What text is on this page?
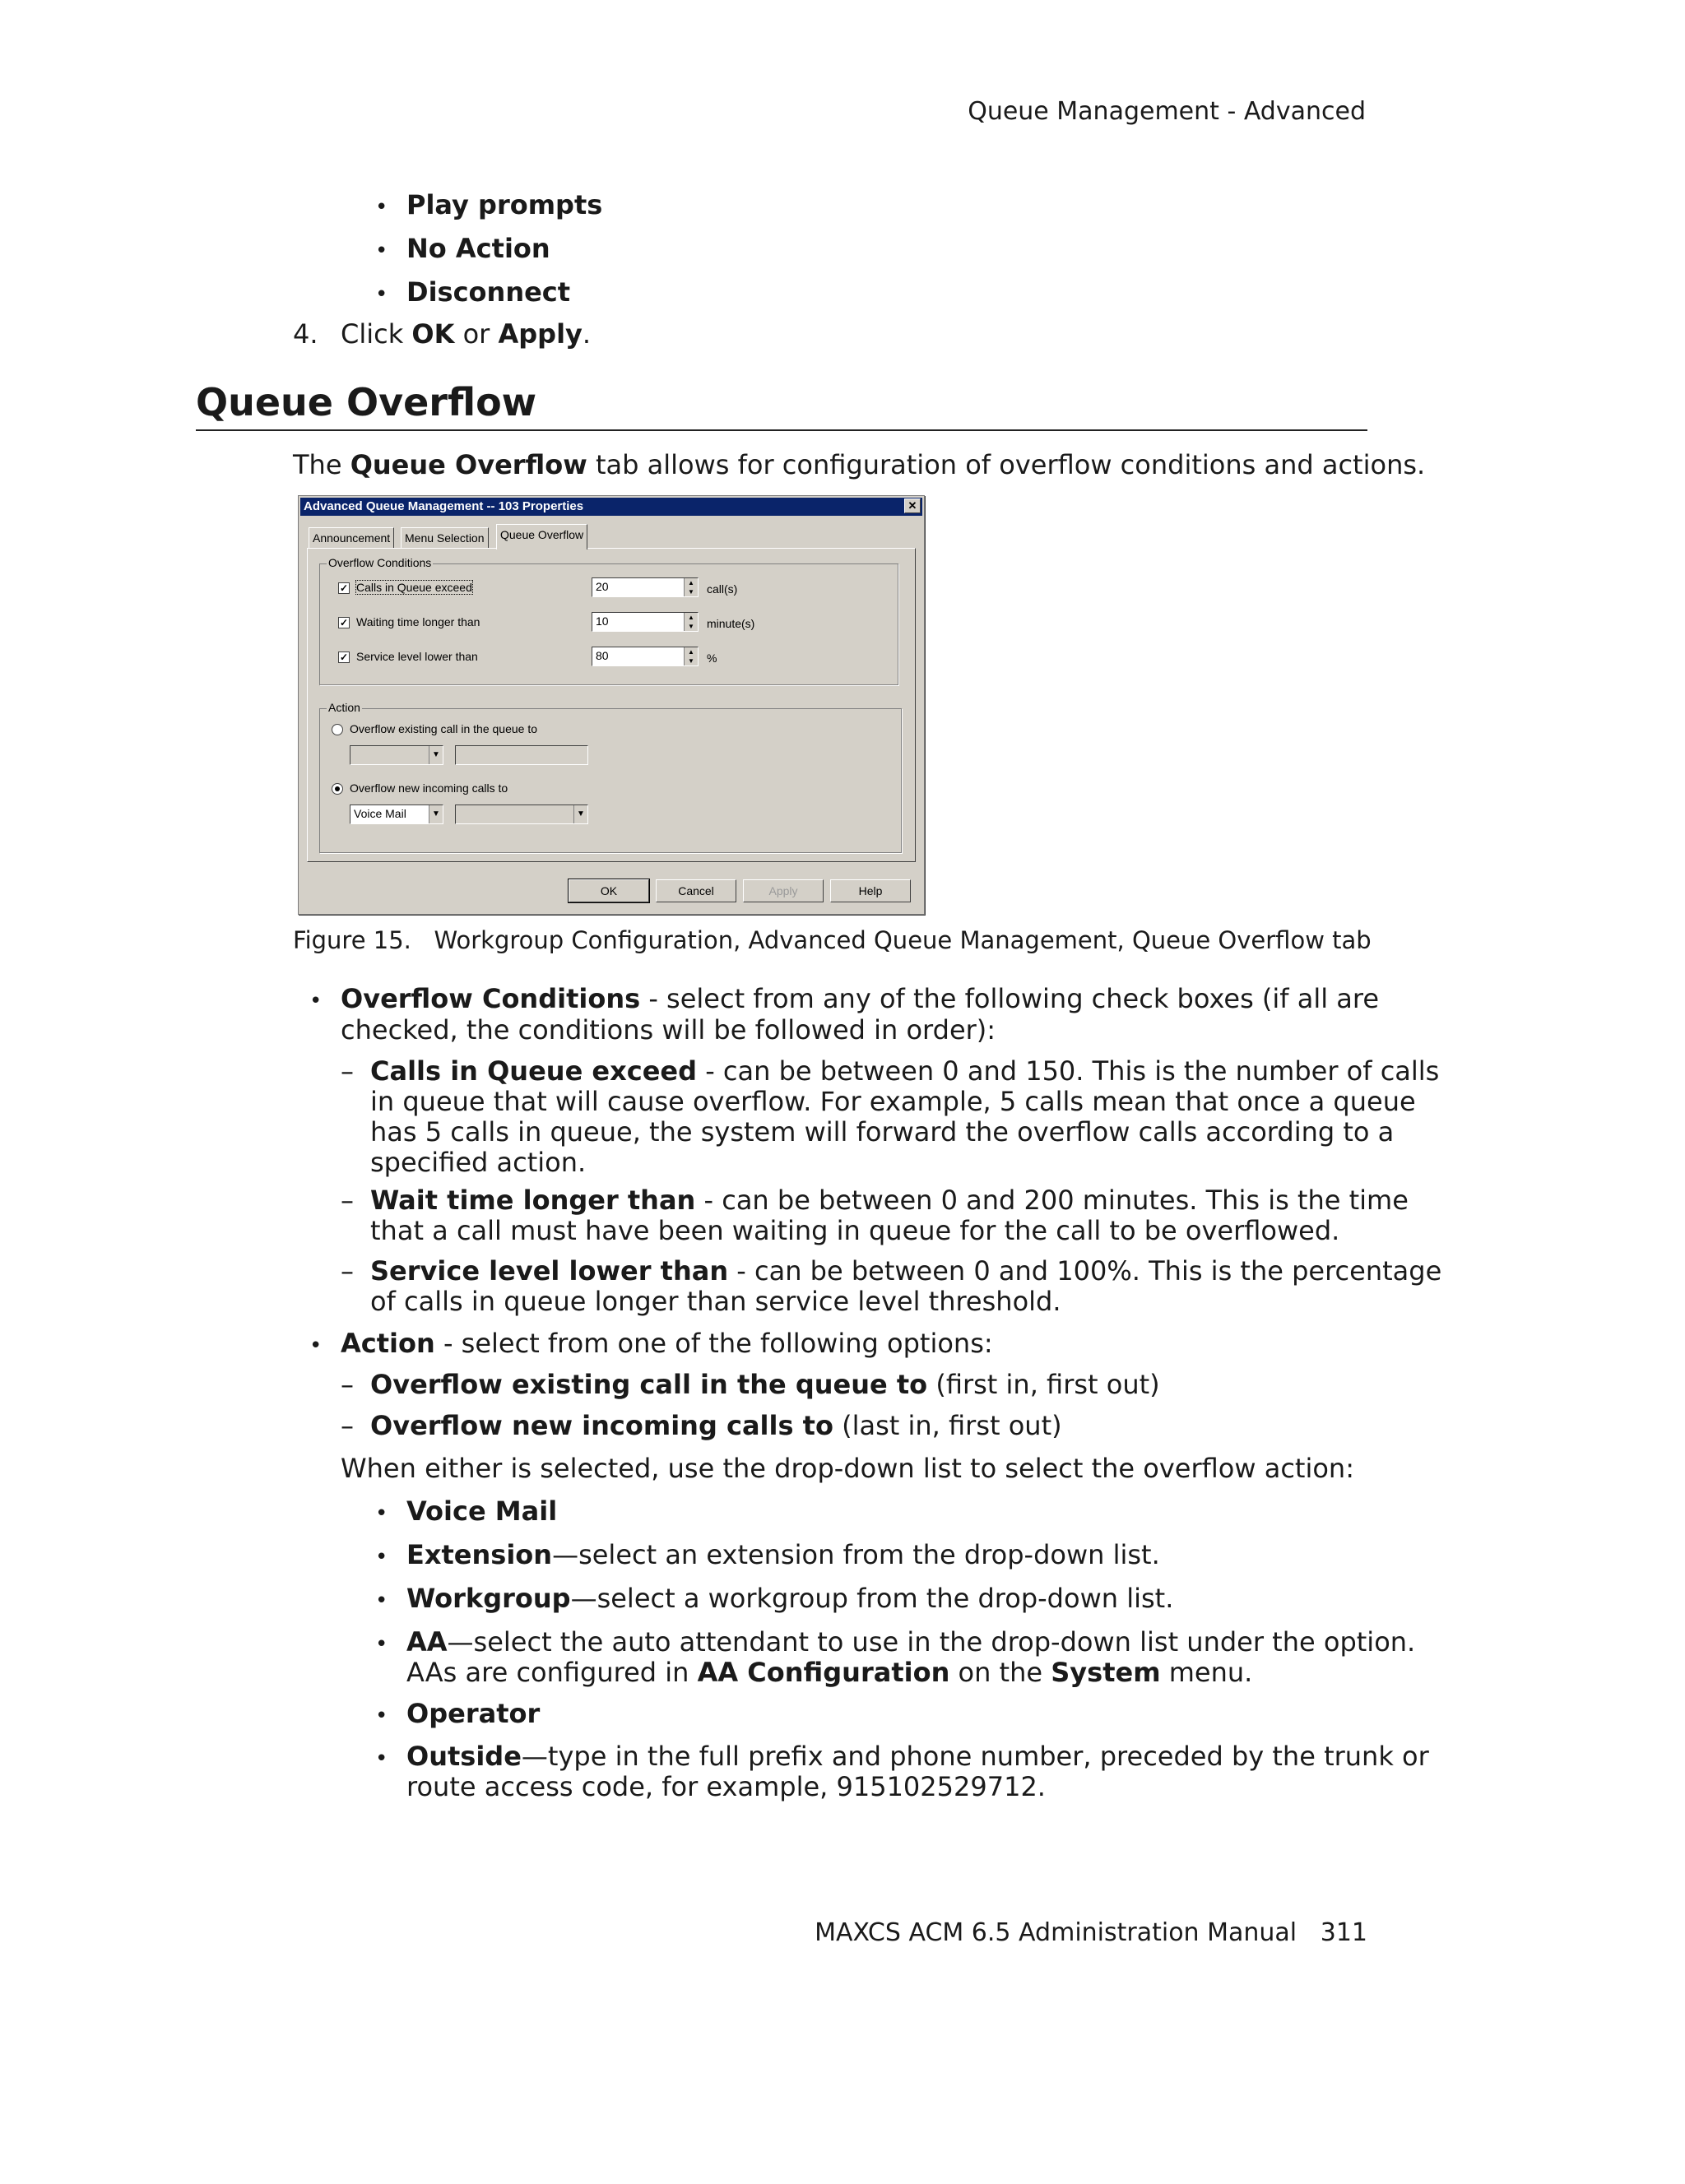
Queue Management - Advanced
• Play prompts
• No Action
• Disconnect
4. Click OK or Apply.
Queue Overflow
The Queue Overflow tab allows for configuration of overflow conditions and actions.
Advanced Queue Management -- 103 Properties	✕
Announcement	Menu Selection	Queue Overflow
Overflow Conditions
✓ Calls in Queue exceed	20	▲
▼ call(s)
✓ Waiting time longer than	10	▲
▼ minute(s)
✓ Service level lower than	80	▲
▼ %
Action
Overflow existing call in the queue to
▼
Overflow new incoming calls to
Voice Mail	▼	▼
OK	Cancel	Apply	Help
Figure 15.   Workgroup Configuration, Advanced Queue Management, Queue Overflow tab
• Overflow Conditions - select from any of the following check boxes (if all are
checked, the conditions will be followed in order):
– Calls in Queue exceed - can be between 0 and 150. This is the number of calls
in queue that will cause overflow. For example, 5 calls mean that once a queue
has 5 calls in queue, the system will forward the overflow calls according to a
specified action.
– Wait time longer than - can be between 0 and 200 minutes. This is the time
that a call must have been waiting in queue for the call to be overflowed.
– Service level lower than - can be between 0 and 100%. This is the percentage
of calls in queue longer than service level threshold.
• Action - select from one of the following options:
– Overflow existing call in the queue to (first in, first out)
– Overflow new incoming calls to (last in, first out)
When either is selected, use the drop-down list to select the overflow action:
• Voice Mail
• Extension—select an extension from the drop-down list.
• Workgroup—select a workgroup from the drop-down list.
• AA—select the auto attendant to use in the drop-down list under the option.
AAs are configured in AA Configuration on the System menu.
• Operator
• Outside—type in the full prefix and phone number, preceded by the trunk or
route access code, for example, 915102529712.
MAXCS ACM 6.5 Administration Manual   311
